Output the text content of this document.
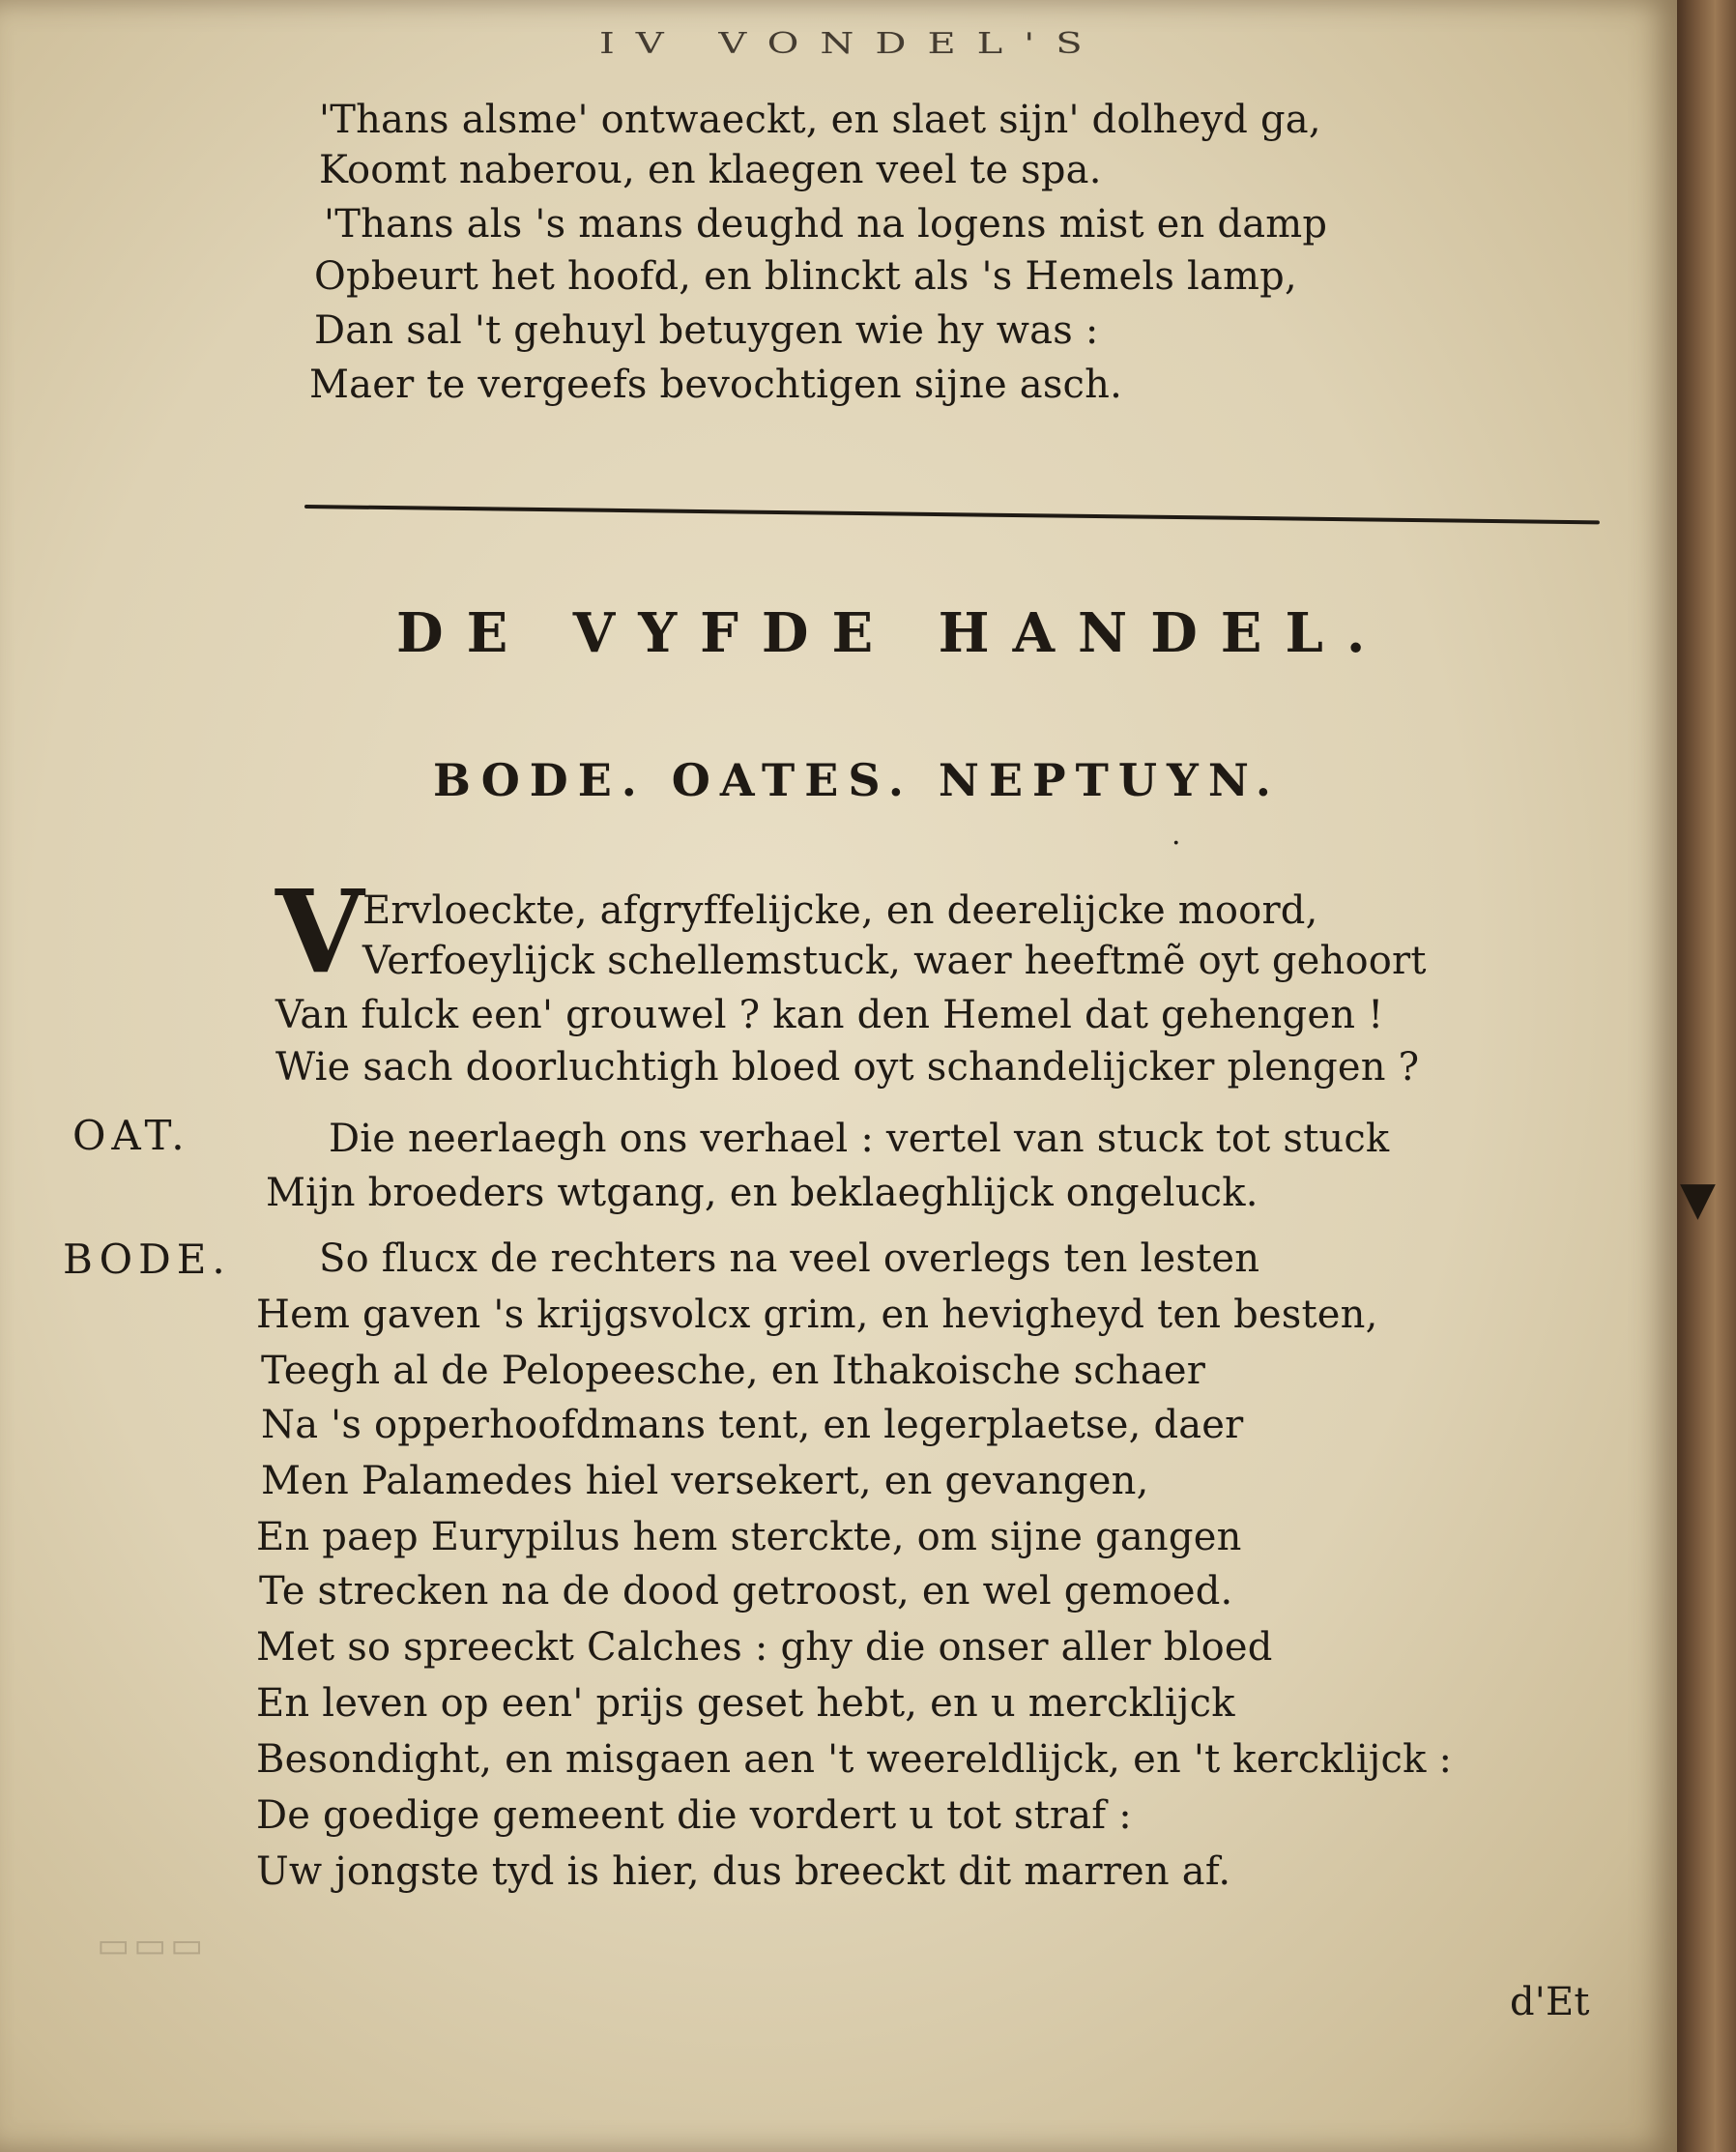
IV VONDEL'S
'Thans alsme' ontwaeckt, en slaet sijn' dolheyd ga,
Koomt naberou, en klaegen veel te spa.
'Thans als 's mans deughd na logens mist en damp
Opbeurt het hoofd, en blinckt als 's Hemels lamp,
Dan sal 't gehuyl betuygen wie hy was :
Maer te vergeefs bevochtigen sijne asch.
DE VYFDE HANDEL.
BODE. OATES. NEPTUYN.
·
V
Ervloeckte, afgryffelijcke, en deerelijcke moord,
Verfoeylijck schellemstuck, waer heeftmẽ oyt gehoort
Van fulck een' grouwel ? kan den Hemel dat gehengen !
Wie sach doorluchtigh bloed oyt schandelijcker plengen ?
OAT.	Die neerlaegh ons verhael : vertel van stuck tot stuck
Mijn broeders wtgang, en beklaeghlijck ongeluck.
BODE. So flucx de rechters na veel overlegs ten lesten
Hem gaven 's krijgsvolcx grim, en hevigheyd ten besten,
Teegh al de Pelopeesche, en Ithakoische schaer
Na 's opperhoofdmans tent, en legerplaetse, daer
Men Palamedes hiel versekert, en gevangen,
En paep Eurypilus hem sterckte, om sijne gangen
Te strecken na de dood getroost, en wel gemoed.
Met so spreeckt Calches : ghy die onser aller bloed
En leven op een' prijs geset hebt, en u mercklijck
Besondight, en misgaen aen 't weereldlijck, en 't kercklijck :
De goedige gemeent die vordert u tot straf :
Uw jongste tyd is hier, dus breeckt dit marren af.
▭▭▭
d'Et
▼
